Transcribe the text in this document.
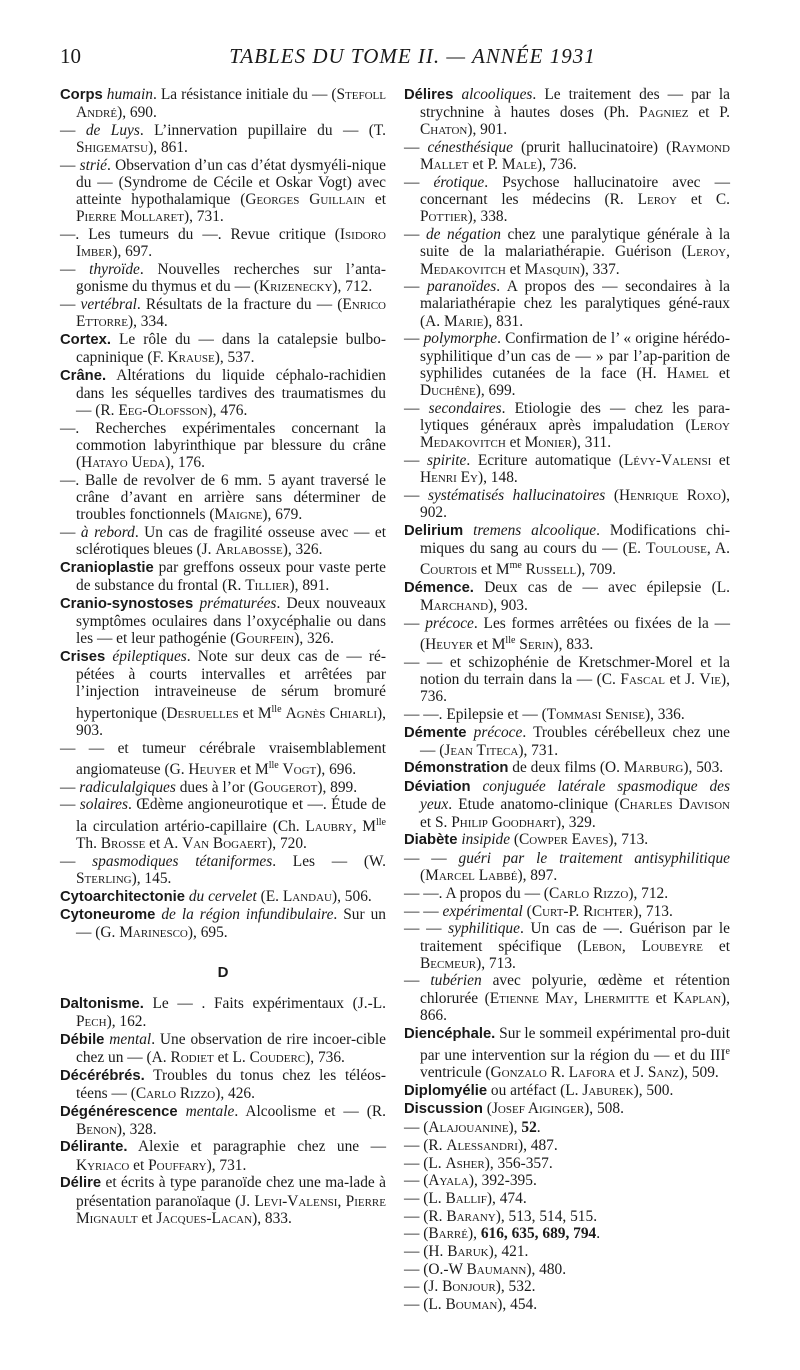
10	TABLES DU TOME II. — ANNÉE 1931
Corps humain. La résistance initiale du — (Stefoll André), 690.
— de Luys. L’innervation pupillaire du — (T. Shigematsu), 861.
— strié. Observation d’un cas d’état dysmyéli-nique du — (Syndrome de Cécile et Oskar Vogt) avec atteinte hypothalamique (Georges Guillain et Pierre Mollaret), 731.
—. Les tumeurs du —. Revue critique (Isidoro Imber), 697.
— thyroïde. Nouvelles recherches sur l’anta-gonisme du thymus et du — (Krizenecky), 712.
— vertébral. Résultats de la fracture du — (Enrico Ettorre), 334.
Cortex. Le rôle du — dans la catalepsie bulbo-capninique (F. Krause), 537.
Crâne. Altérations du liquide céphalo-rachidien dans les séquelles tardives des traumatismes du — (R. Eeg-Olofsson), 476.
—. Recherches expérimentales concernant la commotion labyrinthique par blessure du crâne (Hatayo Ueda), 176.
—. Balle de revolver de 6 mm. 5 ayant traversé le crâne d’avant en arrière sans déterminer de troubles fonctionnels (Maigne), 679.
— à rebord. Un cas de fragilité osseuse avec — et sclérotiques bleues (J. Arlabosse), 326.
Cranioplastie par greffons osseux pour vaste perte de substance du frontal (R. Tillier), 891.
Cranio-synostoses prématurées. Deux nouveaux symptômes oculaires dans l’oxycéphalie ou dans les — et leur pathogénie (Gourfein), 326.
Crises épileptiques. Note sur deux cas de — ré-pétées à courts intervalles et arrêtées par l’injection intraveineuse de sérum bromuré hypertonique (Desruelles et $M^{lle}$ Agnès Chiarli), 903.
— — et tumeur cérébrale vraisemblablement angiomateuse (G. Heuyer et $M^{lle}$ Vogt), 696.
— radiculalgiques dues à l’or (Gougerot), 899.
— solaires. Œdème angioneurotique et —. Étude de la circulation artério-capillaire (Ch. Laubry, $M^{lle}$ Th. Brosse et A. Van Bogaert), 720.
— spasmodiques tétaniformes. Les — (W. Sterling), 145.
Cytoarchitectonie du cervelet (E. Landau), 506.
Cytoneurome de la région infundibulaire. Sur un — (G. Marinesco), 695.
D
Daltonisme. Le — . Faits expérimentaux (J.-L. Pech), 162.
Débile mental. Une observation de rire incoer-cible chez un — (A. Rodiet et L. Couderc), 736.
Décérébrés. Troubles du tonus chez les téléos-téens — (Carlo Rizzo), 426.
Dégénérescence mentale. Alcoolisme et — (R. Benon), 328.
Délirante. Alexie et paragraphie chez une — Kyriaco et Pouffary), 731.
Délire et écrits à type paranoïde chez une ma-lade à présentation paranoïaque (J. Levi-Valensi, Pierre Mignault et Jacques-Lacan), 833.
Délires alcooliques. Le traitement des — par la strychnine à hautes doses (Ph. Pagniez et P. Chaton), 901.
— cénesthésique (prurit hallucinatoire) (Raymond Mallet et P. Male), 736.
— érotique. Psychose hallucinatoire avec — concernant les médecins (R. Leroy et C. Pottier), 338.
— de négation chez une paralytique générale à la suite de la malariathérapie. Guérison (Leroy, Medakovitch et Masquin), 337.
— paranoïdes. A propos des — secondaires à la malariathérapie chez les paralytiques géné-raux (A. Marie), 831.
— polymorphe. Confirmation de l’ « origine hérédo-syphilitique d’un cas de — » par l’ap-parition de syphilides cutanées de la face (H. Hamel et Duchêne), 699.
— secondaires. Etiologie des — chez les para-lytiques généraux après impaludation (Leroy Medakovitch et Monier), 311.
— spirite. Ecriture automatique (Lévy-Valensi et Henri Ey), 148.
— systématisés hallucinatoires (Henrique Roxo), 902.
Delirium tremens alcoolique. Modifications chi-miques du sang au cours du — (E. Toulouse, A. Courtois et $M^{me}$ Russell), 709.
Démence. Deux cas de — avec épilepsie (L. Marchand), 903.
— précoce. Les formes arrêtées ou fixées de la — (Heuyer et $M^{lle}$ Serin), 833.
— — et schizophénie de Kretschmer-Morel et la notion du terrain dans la — (C. Fascal et J. Vie), 736.
— —. Epilepsie et — (Tommasi Senise), 336.
Démente précoce. Troubles cérébelleux chez une — (Jean Titeca), 731.
Démonstration de deux films (O. Marburg), 503.
Déviation conjuguée latérale spasmodique des yeux. Etude anatomo-clinique (Charles Davison et S. Philip Goodhart), 329.
Diabète insipide (Cowper Eaves), 713.
— — guéri par le traitement antisyphilitique (Marcel Labbé), 897.
— —. A propos du — (Carlo Rizzo), 712.
— — expérimental (Curt-P. Richter), 713.
— — syphilitique. Un cas de —. Guérison par le traitement spécifique (Lebon, Loubeyre et Becmeur), 713.
— tubérien avec polyurie, œdème et rétention chlorurée (Etienne May, Lhermitte et Kaplan), 866.
Diencéphale. Sur le sommeil expérimental pro-duit par une intervention sur la région du — et du IIIe ventricule (Gonzalo R. Lafora et J. Sanz), 509.
Diplomyélie ou artéfact (L. Jaburek), 500.
Discussion (Josef Aiginger), 508.
— (Alajouanine), 52.
— (R. Alessandri), 487.
— (L. Asher), 356-357.
— (Ayala), 392-395.
— (L. Ballif), 474.
— (R. Barany), 513, 514, 515.
— (Barré), 616, 635, 689, 794.
— (H. Baruk), 421.
— (O.-W Baumann), 480.
— (J. Bonjour), 532.
— (L. Bouman), 454.
